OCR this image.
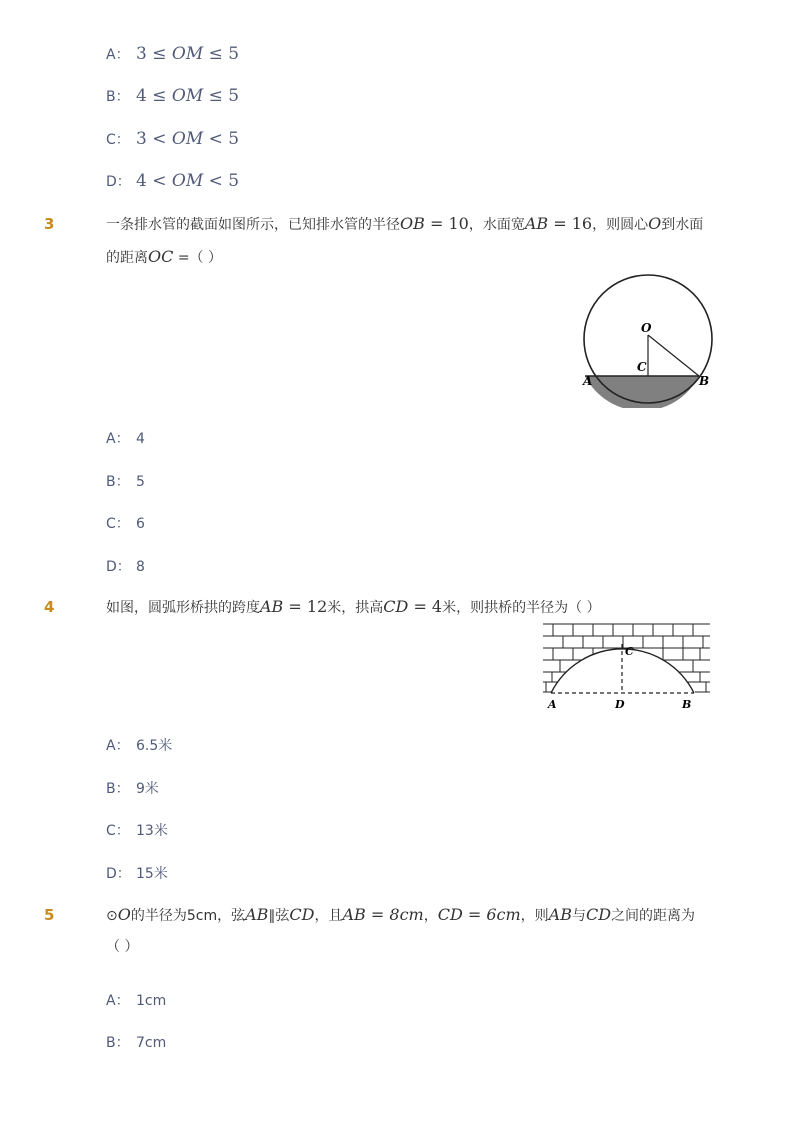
A： 3 ≤ OM ≤ 5
B： 4 ≤ OM ≤ 5
C： 3 < OM < 5
D： 4 < OM < 5
3	一条排水管的截面如图所示，已知排水管的半径OB = 10，水面宽AB = 16，则圆心O到水面
的距离OC =（ ）
O
C
A	B
A： 4
B： 5
C： 6
D： 8
4	如图，圆弧形桥拱的跨度AB = 12米，拱高CD = 4米，则拱桥的半径为（ ）
C
A	D	B
A： 6.5米
B： 9米
C： 13米
D： 15米
5	⊙O的半径为5cm，弦AB∥弦CD，且AB = 8cm，CD = 6cm，则AB与CD之间的距离为
（ ）
A： 1cm
B： 7cm
